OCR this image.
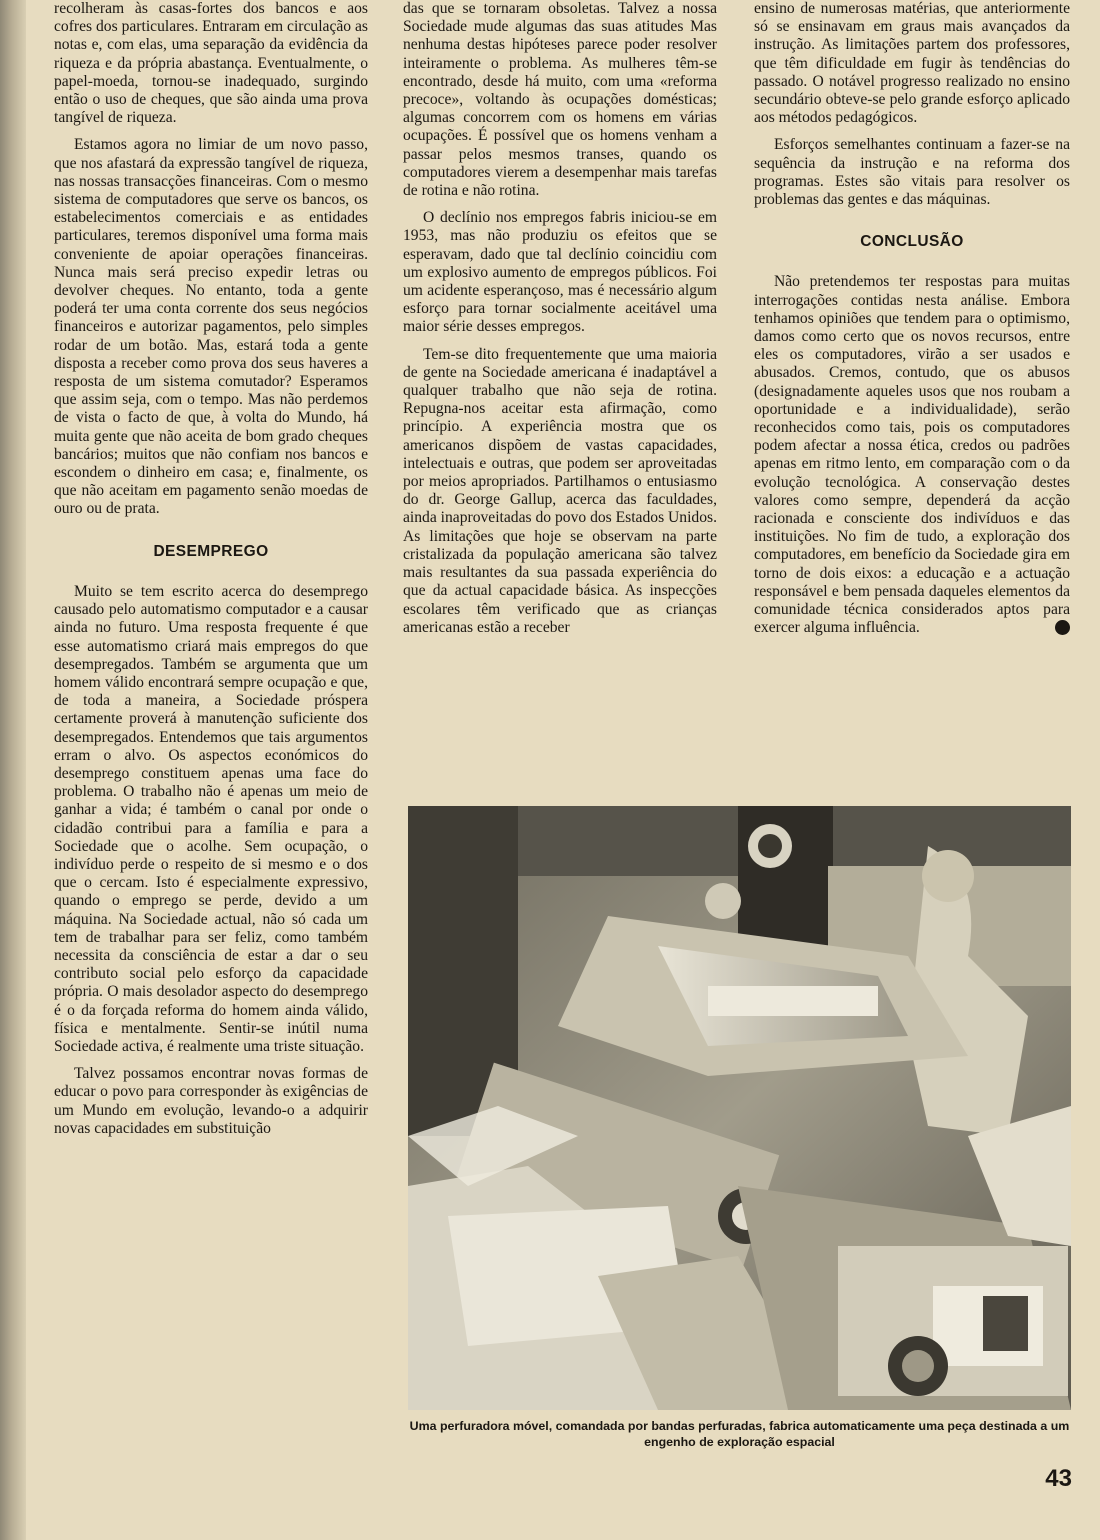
recolheram às casas-fortes dos bancos e aos cofres dos particulares. Entraram em circulação as notas e, com elas, uma separação da evidência da riqueza e da própria abastança. Eventualmente, o papel-moeda, tornou-se inadequado, surgindo então o uso de cheques, que são ainda uma prova tangível de riqueza.

Estamos agora no limiar de um novo passo, que nos afastará da expressão tangível de riqueza, nas nossas transacções financeiras. Com o mesmo sistema de computadores que serve os bancos, os estabelecimentos comerciais e as entidades particulares, teremos disponível uma forma mais conveniente de apoiar operações financeiras. Nunca mais será preciso expedir letras ou devolver cheques. No entanto, toda a gente poderá ter uma conta corrente dos seus negócios financeiros e autorizar pagamentos, pelo simples rodar de um botão. Mas, estará toda a gente disposta a receber como prova dos seus haveres a resposta de um sistema comutador? Esperamos que assim seja, com o tempo. Mas não perdemos de vista o facto de que, à volta do Mundo, há muita gente que não aceita de bom grado cheques bancários; muitos que não confiam nos bancos e escondem o dinheiro em casa; e, finalmente, os que não aceitam em pagamento senão moedas de ouro ou de prata.

DESEMPREGO

Muito se tem escrito acerca do desemprego causado pelo automatismo computador e a causar ainda no futuro. Uma resposta frequente é que esse automatismo criará mais empregos do que desempregados. Também se argumenta que um homem válido encontrará sempre ocupação e que, de toda a maneira, a Sociedade próspera certamente proverá à manutenção suficiente dos desempregados. Entendemos que tais argumentos erram o alvo. Os aspectos económicos do desemprego constituem apenas uma face do problema. O trabalho não é apenas um meio de ganhar a vida; é também o canal por onde o cidadão contribui para a família e para a Sociedade que o acolhe. Sem ocupação, o indivíduo perde o respeito de si mesmo e o dos que o cercam. Isto é especialmente expressivo, quando o emprego se perde, devido a um máquina. Na Sociedade actual, não só cada um tem de trabalhar para ser feliz, como também necessita da consciência de estar a dar o seu contributo social pelo esforço da capacidade própria. O mais desolador aspecto do desemprego é o da forçada reforma do homem ainda válido, física e mentalmente. Sentir-se inútil numa Sociedade activa, é realmente uma triste situação.

Talvez possamos encontrar novas formas de educar o povo para corresponder às exigências de um Mundo em evolução, levando-o a adquirir novas capacidades em substituição

das que se tornaram obsoletas. Talvez a nossa Sociedade mude algumas das suas atitudes Mas nenhuma destas hipóteses parece poder resolver inteiramente o problema. As mulheres têm-se encontrado, desde há muito, com uma «reforma precoce», voltando às ocupações domésticas; algumas concorrem com os homens em várias ocupações. É possível que os homens venham a passar pelos mesmos transes, quando os computadores vierem a desempenhar mais tarefas de rotina e não rotina.

O declínio nos empregos fabris iniciou-se em 1953, mas não produziu os efeitos que se esperavam, dado que tal declínio coincidiu com um explosivo aumento de empregos públicos. Foi um acidente esperançoso, mas é necessário algum esforço para tornar socialmente aceitável uma maior série desses empregos.

Tem-se dito frequentemente que uma maioria de gente na Sociedade americana é inadaptável a qualquer trabalho que não seja de rotina. Repugna-nos aceitar esta afirmação, como princípio. A experiência mostra que os americanos dispõem de vastas capacidades, intelectuais e outras, que podem ser aproveitadas por meios apropriados. Partilhamos o entusiasmo do dr. George Gallup, acerca das faculdades, ainda inaproveitadas do povo dos Estados Unidos. As limitações que hoje se observam na parte cristalizada da população americana são talvez mais resultantes da sua passada experiência do que da actual capacidade básica. As inspecções escolares têm verificado que as crianças americanas estão a receber

ensino de numerosas matérias, que anteriormente só se ensinavam em graus mais avançados da instrução. As limitações partem dos professores, que têm dificuldade em fugir às tendências do passado. O notável progresso realizado no ensino secundário obteve-se pelo grande esforço aplicado aos métodos pedagógicos.

Esforços semelhantes continuam a fazer-se na sequência da instrução e na reforma dos programas. Estes são vitais para resolver os problemas das gentes e das máquinas.

CONCLUSÃO

Não pretendemos ter respostas para muitas interrogações contidas nesta análise. Embora tenhamos opiniões que tendem para o optimismo, damos como certo que os novos recursos, entre eles os computadores, virão a ser usados e abusados. Cremos, contudo, que os abusos (designadamente aqueles usos que nos roubam a oportunidade e a individualidade), serão reconhecidos como tais, pois os computadores podem afectar a nossa ética, credos ou padrões apenas em ritmo lento, em comparação com o da evolução tecnológica. A conservação destes valores como sempre, dependerá da acção racionada e consciente dos indivíduos e das instituições. No fim de tudo, a exploração dos computadores, em benefício da Sociedade gira em torno de dois eixos: a educação e a actuação responsável e bem pensada daqueles elementos da comunidade técnica considerados aptos para exercer alguma influência.	✪

Uma perfuradora móvel, comandada por bandas perfuradas, fabrica automaticamente uma peça destinada a um engenho de exploração espacial
43
